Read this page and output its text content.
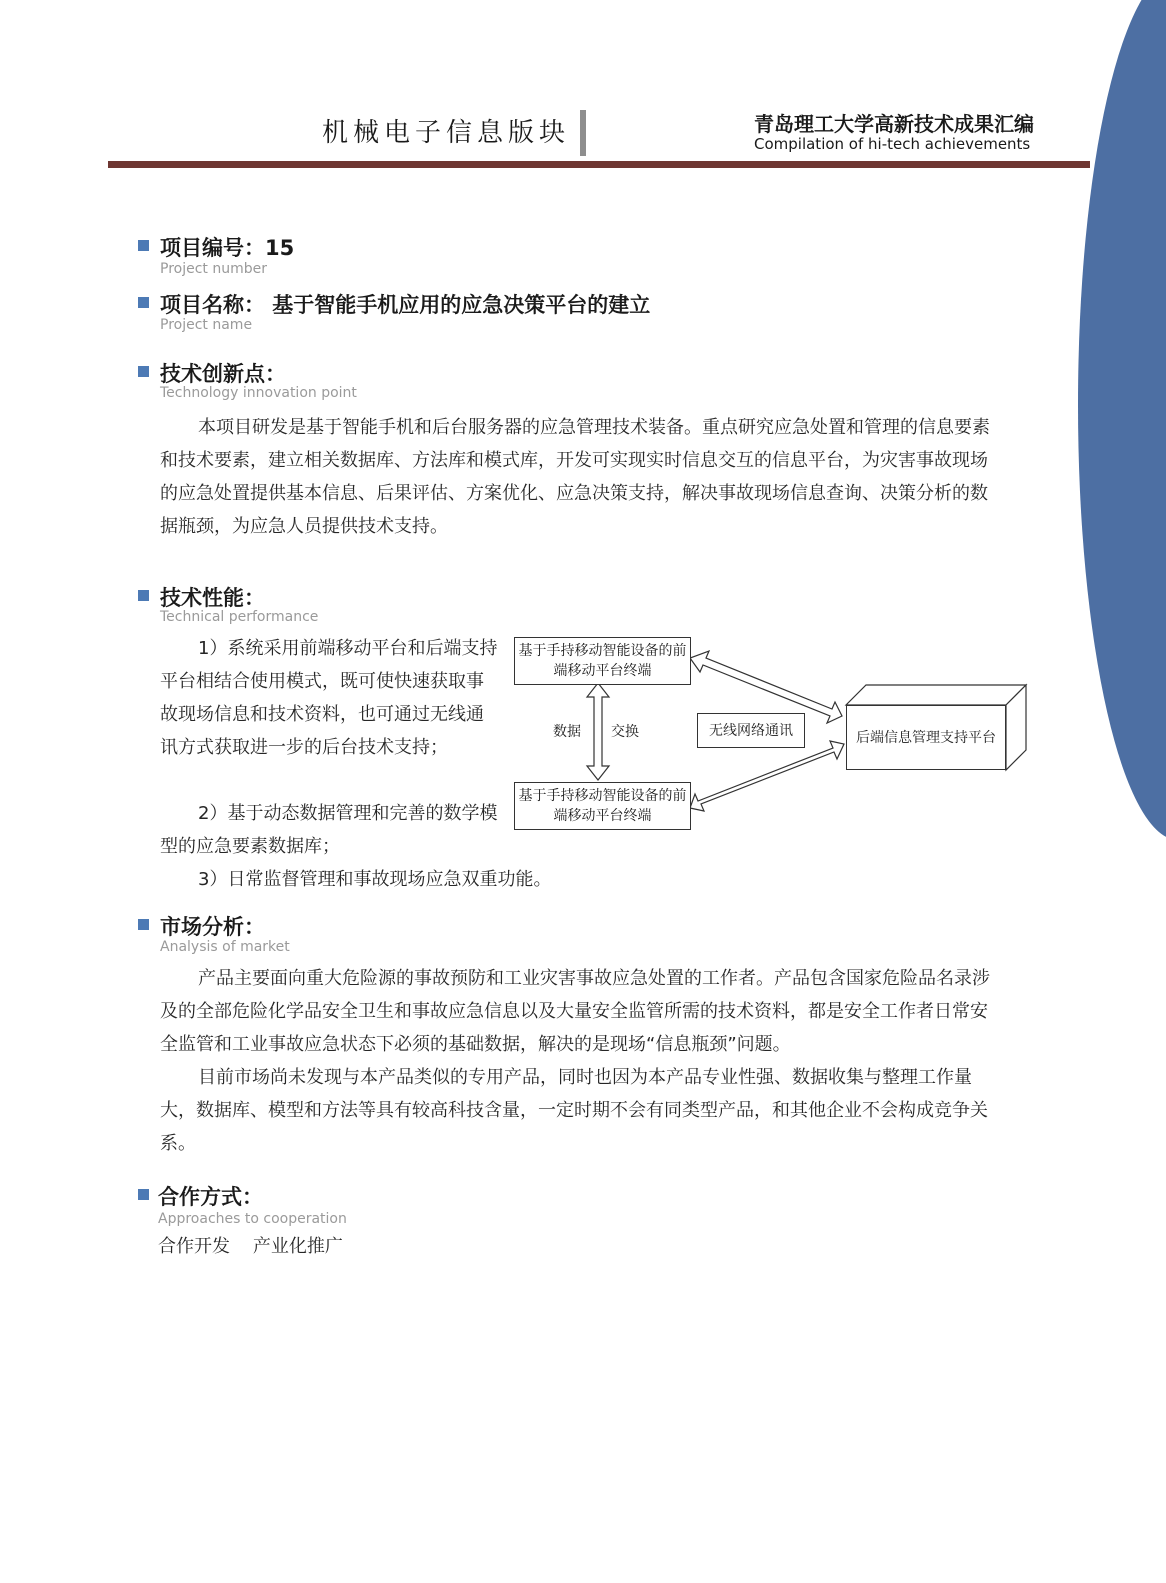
机械电子信息版块	青岛理工大学高新技术成果汇编
Compilation of hi-tech achievements
项目编号：15
Project number
项目名称： 基于智能手机应用的应急决策平台的建立
Project name
技术创新点：
Technology innovation point

本项目研发是基于智能手机和后台服务器的应急管理技术装备。重点研究应急处置和管理的信息要素和技术要素，建立相关数据库、方法库和模式库，开发可实现实时信息交互的信息平台，为灾害事故现场的应急处置提供基本信息、后果评估、方案优化、应急决策支持，解决事故现场信息查询、决策分析的数据瓶颈，为应急人员提供技术支持。

技术性能：
Technical performance

1）系统采用前端移动平台和后端支持平台相结合使用模式，既可使快速获取事故现场信息和技术资料，也可通过无线通讯方式获取进一步的后台技术支持；

2）基于动态数据管理和完善的数学模型的应急要素数据库；

3）日常监督管理和事故现场应急双重功能。

基于手持移动智能设备的前端移动平台终端
基于手持移动智能设备的前端移动平台终端
数据 交换	无线网络通讯	后端信息管理支持平台
市场分析：
Analysis of market

产品主要面向重大危险源的事故预防和工业灾害事故应急处置的工作者。产品包含国家危险品名录涉及的全部危险化学品安全卫生和事故应急信息以及大量安全监管所需的技术资料，都是安全工作者日常安全监管和工业事故应急状态下必须的基础数据，解决的是现场“信息瓶颈”问题。

目前市场尚未发现与本产品类似的专用产品，同时也因为本产品专业性强、数据收集与整理工作量大，数据库、模型和方法等具有较高科技含量，一定时期不会有同类型产品，和其他企业不会构成竞争关系。

合作方式：
Approaches to cooperation

合作开发    产业化推广
